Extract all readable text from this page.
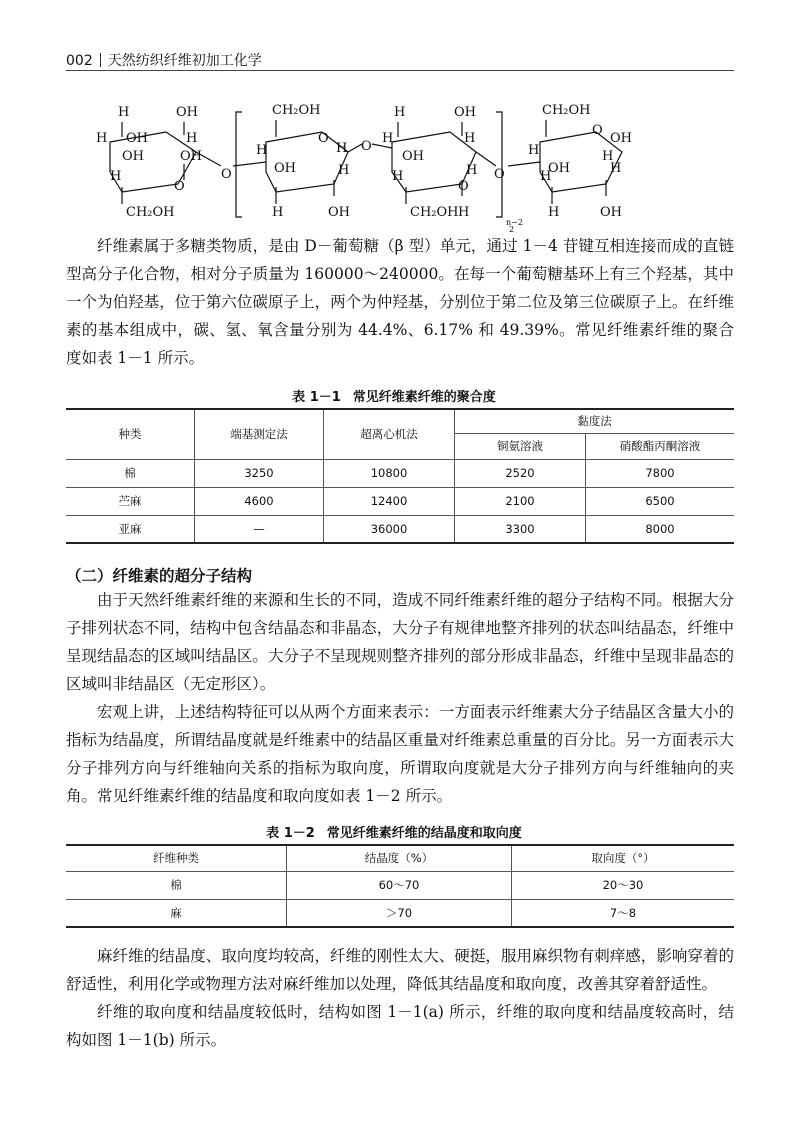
002 天然纺织纤维初加工化学
H	OH
H OH	H
OH	OH
H
O
CH₂OH
O
CH₂OH
O
H
OH
H
H
H	OH
O
H	OH
H
OH
H
H
O
H
CH₂OH H
O
n−2
2
CH₂OH
O
OH
H
OH	H
H
H
H	OH

纤维素属于多糖类物质，是由 D－葡萄糖（β 型）单元，通过 1－4 苷键互相连接而成的直链型高分子化合物，相对分子质量为 160000～240000。在每一个葡萄糖基环上有三个羟基，其中一个为伯羟基，位于第六位碳原子上，两个为仲羟基，分别位于第二位及第三位碳原子上。在纤维素的基本组成中，碳、氢、氧含量分别为 44.4%、6.17% 和 49.39%。常见纤维素纤维的聚合度如表 1－1 所示。

表 1－1 常见纤维素纤维的聚合度
种类	端基测定法	超离心机法	黏度法	
			铜氨溶液	硝酸酯丙酮溶液
棉	3250	10800	2520	7800
苎麻	4600	12400	2100	6500
亚麻	—	36000	3300	8000
（二）纤维素的超分子结构

由于天然纤维素纤维的来源和生长的不同，造成不同纤维素纤维的超分子结构不同。根据大分子排列状态不同，结构中包含结晶态和非晶态，大分子有规律地整齐排列的状态叫结晶态，纤维中呈现结晶态的区域叫结晶区。大分子不呈现规则整齐排列的部分形成非晶态，纤维中呈现非晶态的区域叫非结晶区（无定形区）。

宏观上讲，上述结构特征可以从两个方面来表示：一方面表示纤维素大分子结晶区含量大小的指标为结晶度，所谓结晶度就是纤维素中的结晶区重量对纤维素总重量的百分比。另一方面表示大分子排列方向与纤维轴向关系的指标为取向度，所谓取向度就是大分子排列方向与纤维轴向的夹角。常见纤维素纤维的结晶度和取向度如表 1－2 所示。

表 1－2 常见纤维素纤维的结晶度和取向度
纤维种类	结晶度（%）	取向度（°）
棉	60～70	20～30
麻	＞70	7～8

麻纤维的结晶度、取向度均较高，纤维的刚性太大、硬挺，服用麻织物有刺痒感，影响穿着的舒适性，利用化学或物理方法对麻纤维加以处理，降低其结晶度和取向度，改善其穿着舒适性。

纤维的取向度和结晶度较低时，结构如图 1－1(a) 所示，纤维的取向度和结晶度较高时，结构如图 1－1(b) 所示。
